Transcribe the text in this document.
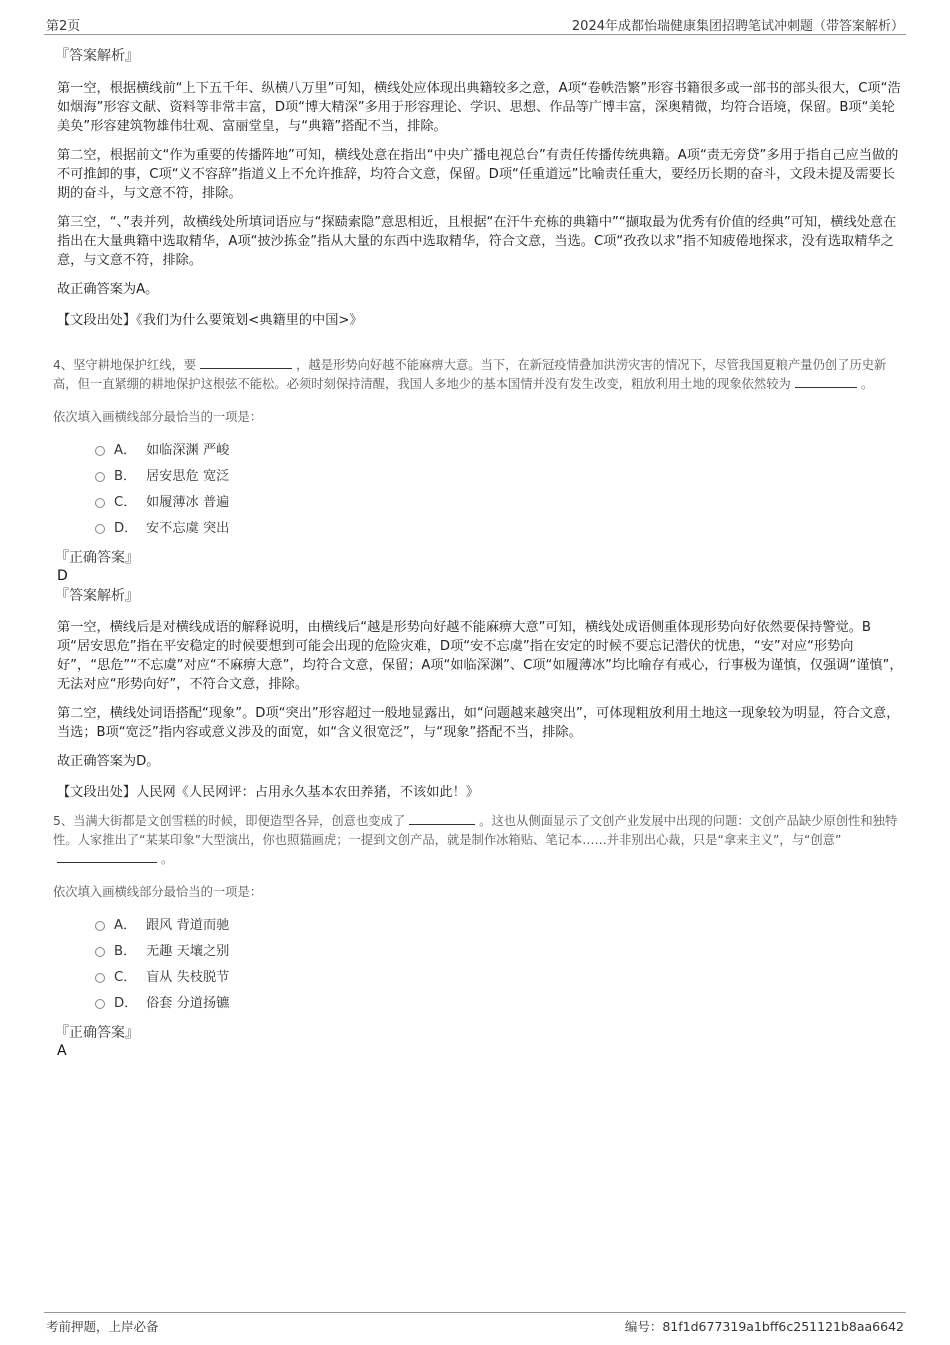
第2页	2024年成都怡瑞健康集团招聘笔试冲刺题（带答案解析）
『答案解析』

第一空，根据横线前“上下五千年、纵横八万里”可知，横线处应体现出典籍较多之意，A项“卷帙浩繁”形容书籍很多或一部书的部头很大，C项“浩如烟海”形容文献、资料等非常丰富，D项“博大精深”多用于形容理论、学识、思想、作品等广博丰富，深奥精微，均符合语境，保留。B项“美轮美奂”形容建筑物雄伟壮观、富丽堂皇，与“典籍”搭配不当，排除。

第二空，根据前文“作为重要的传播阵地”可知，横线处意在指出“中央广播电视总台”有责任传播传统典籍。A项“责无旁贷”多用于指自己应当做的不可推卸的事，C项“义不容辞”指道义上不允许推辞，均符合文意，保留。D项“任重道远”比喻责任重大，要经历长期的奋斗，文段未提及需要长期的奋斗，与文意不符，排除。

第三空，“、”表并列，故横线处所填词语应与“探赜索隐”意思相近，且根据“在汗牛充栋的典籍中”“撷取最为优秀有价值的经典”可知，横线处意在指出在大量典籍中选取精华，A项“披沙拣金”指从大量的东西中选取精华，符合文意，当选。C项“孜孜以求”指不知疲倦地探求，没有选取精华之意，与文意不符，排除。

故正确答案为A。

【文段出处】《我们为什么要策划<典籍里的中国>》

4、坚守耕地保护红线，要	，越是形势向好越不能麻痹大意。当下，在新冠疫情叠加洪涝灾害的情况下，尽管我国夏粮产量仍创了历史新高，但一直紧绷的耕地保护这根弦不能松。必须时刻保持清醒，我国人多地少的基本国情并没有发生改变，粗放利用土地的现象依然较为	。

依次填入画横线部分最恰当的一项是：

A． 如临深渊 严峻
B． 居安思危 宽泛
C． 如履薄冰 普遍
D． 安不忘虞 突出
『正确答案』
D
『答案解析』

第一空，横线后是对横线成语的解释说明，由横线后“越是形势向好越不能麻痹大意”可知，横线处成语侧重体现形势向好依然要保持警觉。B项“居安思危”指在平安稳定的时候要想到可能会出现的危险灾难，D项“安不忘虞”指在安定的时候不要忘记潜伏的忧患，“安”对应“形势向好”，“思危”“不忘虞”对应“不麻痹大意”，均符合文意，保留；A项“如临深渊”、C项“如履薄冰”均比喻存有戒心，行事极为谨慎，仅强调“谨慎”，无法对应“形势向好”，不符合文意，排除。

第二空，横线处词语搭配“现象”。D项“突出”形容超过一般地显露出，如“问题越来越突出”，可体现粗放利用土地这一现象较为明显，符合文意，当选；B项“宽泛”指内容或意义涉及的面宽，如“含义很宽泛”，与“现象”搭配不当，排除。

故正确答案为D。

【文段出处】人民网《人民网评：占用永久基本农田养猪，不该如此！》

5、当满大街都是文创雪糕的时候，即便造型各异，创意也变成了	。这也从侧面显示了文创产业发展中出现的问题：文创产品缺少原创性和独特性。人家推出了“某某印象”大型演出，你也照猫画虎；一提到文创产品，就是制作冰箱贴、笔记本……并非别出心裁，只是“拿来主义”，与“创意”。

依次填入画横线部分最恰当的一项是：

A． 跟风 背道而驰
B． 无趣 天壤之别
C． 盲从 失枝脱节
D． 俗套 分道扬镳
『正确答案』
A
考前押题，上岸必备	编号：81f1d677319a1bff6c251121b8aa6642
